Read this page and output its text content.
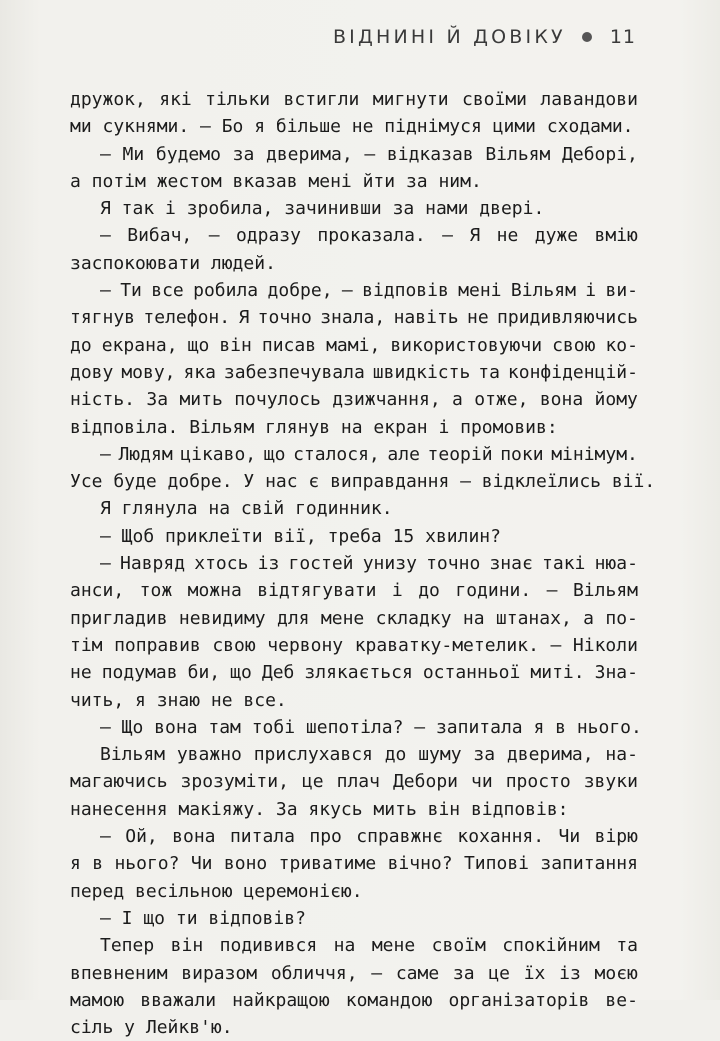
ВІДНИНІ Й ДОВІКУ 11
дружок, які тільки встигли мигнути своїми лавандови
ми сукнями. — Бо я більше не піднімуся цими сходами.
— Ми будемо за дверима, — відказав Вільям Деборі,
а потім жестом вказав мені йти за ним.
Я так і зробила, зачинивши за нами двері.
— Вибач, — одразу проказала. — Я не дуже вмію
заспокоювати людей.
— Ти все робила добре, — відповів мені Вільям і ви-
тягнув телефон. Я точно знала, навіть не придивляючись
до екрана, що він писав мамі, використовуючи свою ко-
дову мову, яка забезпечувала швидкість та конфіденцій-
ність. За мить почулось дзижчання, а отже, вона йому
відповіла. Вільям глянув на екран і промовив:
— Людям цікаво, що сталося, але теорій поки мінімум.
Усе буде добре. У нас є виправдання — відклеїлись вії.
Я глянула на свій годинник.
— Щоб приклеїти вії, треба 15 хвилин?
— Навряд хтось із гостей унизу точно знає такі нюа-
анси, тож можна відтягувати і до години. — Вільям
пригладив невидиму для мене складку на штанах, а по-
тім поправив свою червону краватку-метелик. — Ніколи
не подумав би, що Деб злякається останньої миті. Зна-
чить, я знаю не все.
— Що вона там тобі шепотіла? — запитала я в нього.
Вільям уважно прислухався до шуму за дверима, на-
магаючись зрозуміти, це плач Дебори чи просто звуки
нанесення макіяжу. За якусь мить він відповів:
— Ой, вона питала про справжнє кохання. Чи вірю
я в нього? Чи воно триватиме вічно? Типові запитання
перед весільною церемонією.
— І що ти відповів?
Тепер він подивився на мене своїм спокійним та
впевненим виразом обличчя, — саме за це їх із моєю
мамою вважали найкращою командою організаторів ве-
сіль у Лейкв'ю.
